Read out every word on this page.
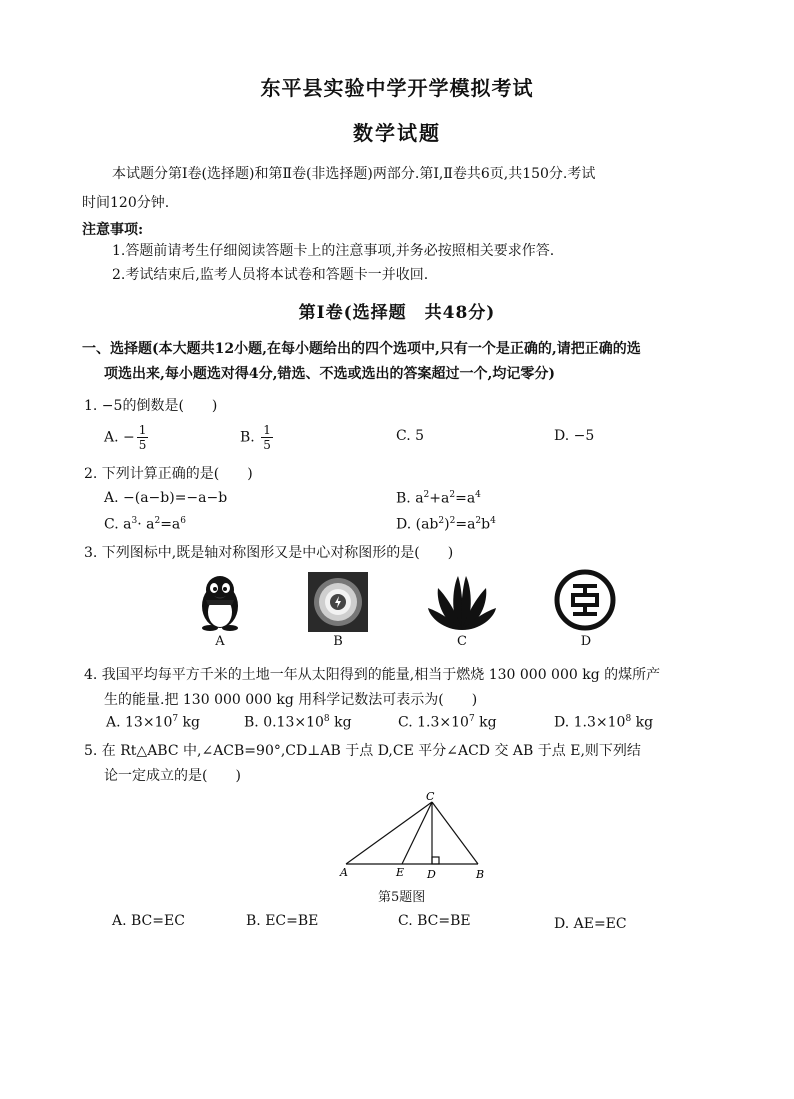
东平县实验中学开学模拟考试
数学试题
本试题分第Ⅰ卷(选择题)和第Ⅱ卷(非选择题)两部分.第Ⅰ,Ⅱ卷共6页,共150分.考试
时间120分钟.
注意事项:
1.答题前请考生仔细阅读答题卡上的注意事项,并务必按照相关要求作答.
2.考试结束后,监考人员将本试卷和答题卡一并收回.
第Ⅰ卷(选择题　共48分)
一、选择题(本大题共12小题,在每小题给出的四个选项中,只有一个是正确的,请把正确的选
项选出来,每小题选对得4分,错选、不选或选出的答案超过一个,均记零分)
1. −5的倒数是(　　)
A. − $\frac{1}{5}$	B. $\frac{1}{5}$	C. 5	D. −5
2. 下列计算正确的是(　　)
A. −(a−b)=−a−b	B. $a^2+a^2=a^4$
C. $a^3\cdot a^2=a^6$	D. $(ab^2)^2=a^2b^4$
3. 下列图标中,既是轴对称图形又是中心对称图形的是(　　)
A	B	C	D
4. 我国平均每平方千米的土地一年从太阳得到的能量,相当于燃烧 130 000 000 kg 的煤所产
生的能量.把 130 000 000 kg 用科学记数法可表示为(　　)
A. $13\times 10^7$ kg	B. $0.13\times 10^8$ kg	C. $1.3\times 10^7$ kg	D. $1.3\times 10^8$ kg
5. 在 Rt△ABC 中,∠ACB=90°,CD⊥AB 于点 D,CE 平分∠ACD 交 AB 于点 E,则下列结
论一定成立的是(　　)
C
A	E D	B
第5题图
A. BC=EC	B. EC=BE	C. BC=BE	D. AE=EC
